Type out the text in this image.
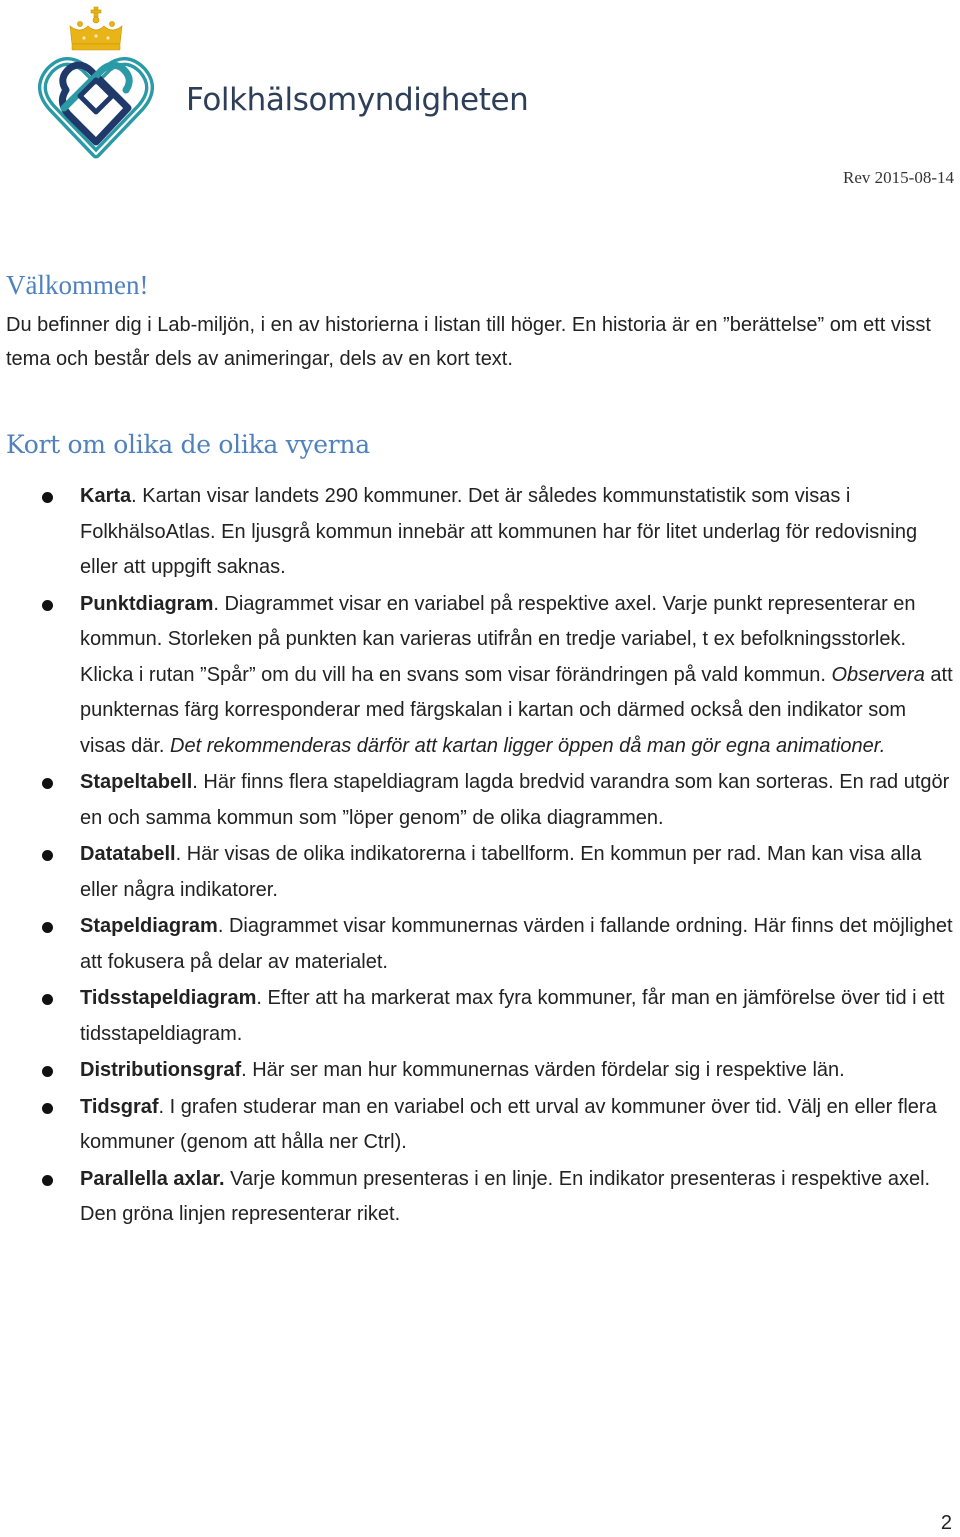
Folkhälsomyndigheten
Rev 2015-08-14
Välkommen!

Du befinner dig i Lab-miljön, i en av historierna i listan till höger. En historia är en ”berättelse” om ett visst tema och består dels av animeringar, dels av en kort text.

Kort om olika de olika vyerna
Karta. Kartan visar landets 290 kommuner. Det är således kommunstatistik som visas i FolkhälsoAtlas. En ljusgrå kommun innebär att kommunen har för litet underlag för redovisning eller att uppgift saknas.
Punktdiagram. Diagrammet visar en variabel på respektive axel. Varje punkt representerar en kommun. Storleken på punkten kan varieras utifrån en tredje variabel, t ex befolkningsstorlek. Klicka i rutan ”Spår” om du vill ha en svans som visar förändringen på vald kommun. Observera att punkternas färg korresponderar med färgskalan i kartan och därmed också den indikator som visas där. Det rekommenderas därför att kartan ligger öppen då man gör egna animationer.
Stapeltabell. Här finns flera stapeldiagram lagda bredvid varandra som kan sorteras. En rad utgör en och samma kommun som ”löper genom” de olika diagrammen.
Datatabell. Här visas de olika indikatorerna i tabellform. En kommun per rad. Man kan visa alla eller några indikatorer.
Stapeldiagram. Diagrammet visar kommunernas värden i fallande ordning. Här finns det möjlighet att fokusera på delar av materialet.
Tidsstapeldiagram. Efter att ha markerat max fyra kommuner, får man en jämförelse över tid i ett tidsstapeldiagram.
Distributionsgraf. Här ser man hur kommunernas värden fördelar sig i respektive län.
Tidsgraf. I grafen studerar man en variabel och ett urval av kommuner över tid. Välj en eller flera kommuner (genom att hålla ner Ctrl).
Parallella axlar. Varje kommun presenteras i en linje. En indikator presenteras i respektive axel. Den gröna linjen representerar riket.
2
